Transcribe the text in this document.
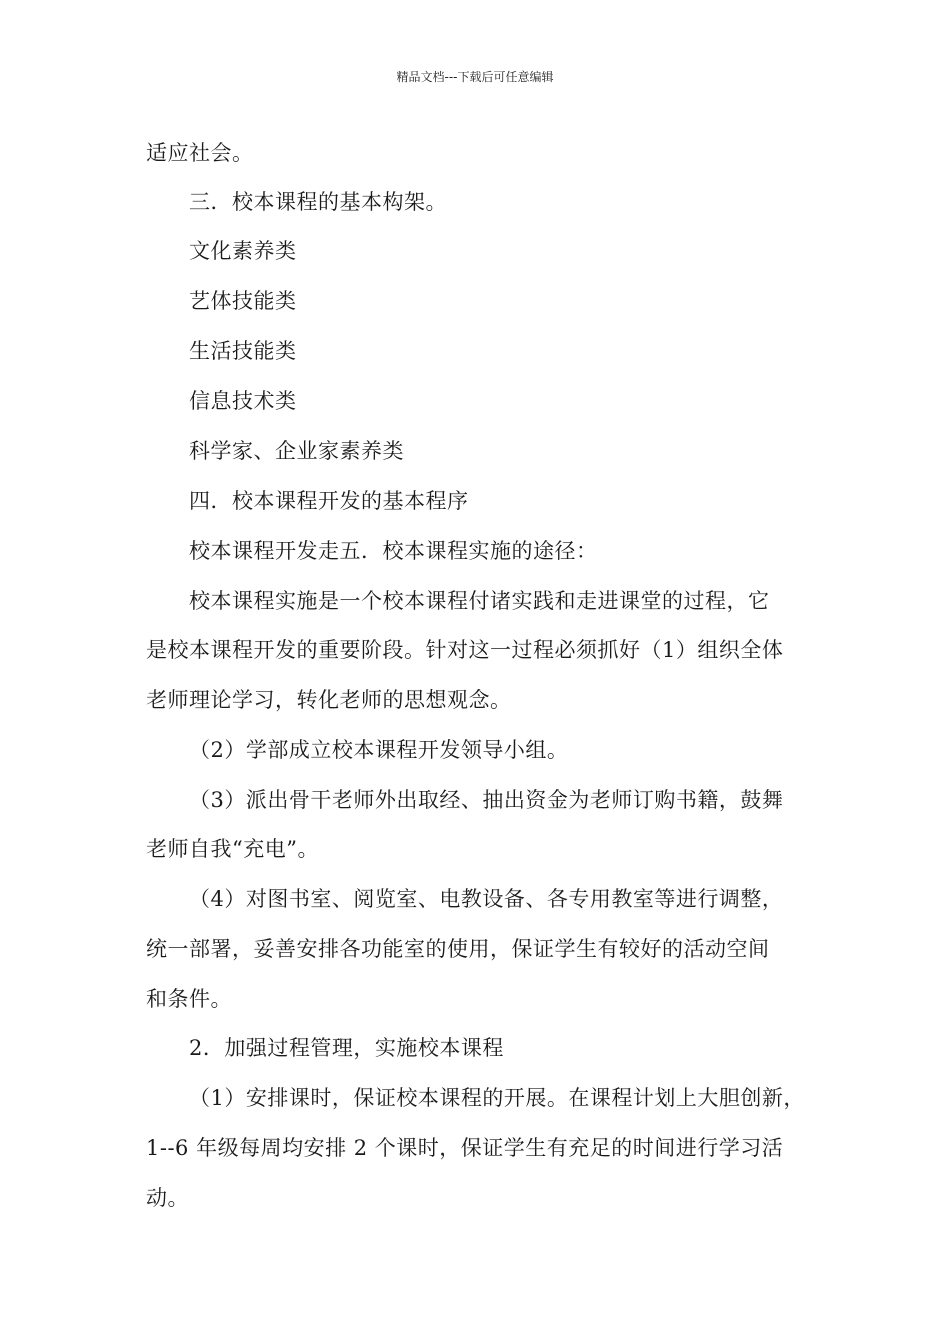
精品文档---下载后可任意编辑
适应社会。
三．校本课程的基本构架。
文化素养类
艺体技能类
生活技能类
信息技术类
科学家、企业家素养类
四．校本课程开发的基本程序
校本课程开发走五．校本课程实施的途径：
校本课程实施是一个校本课程付诸实践和走进课堂的过程，它
是校本课程开发的重要阶段。针对这一过程必须抓好（1）组织全体
老师理论学习，转化老师的思想观念。
（2）学部成立校本课程开发领导小组。
（3）派出骨干老师外出取经、抽出资金为老师订购书籍，鼓舞
老师自我“充电”。
（4）对图书室、阅览室、电教设备、各专用教室等进行调整，
统一部署，妥善安排各功能室的使用，保证学生有较好的活动空间
和条件。
2．加强过程管理，实施校本课程
（1）安排课时，保证校本课程的开展。在课程计划上大胆创新，
1--6 年级每周均安排 2 个课时，保证学生有充足的时间进行学习活
动。
